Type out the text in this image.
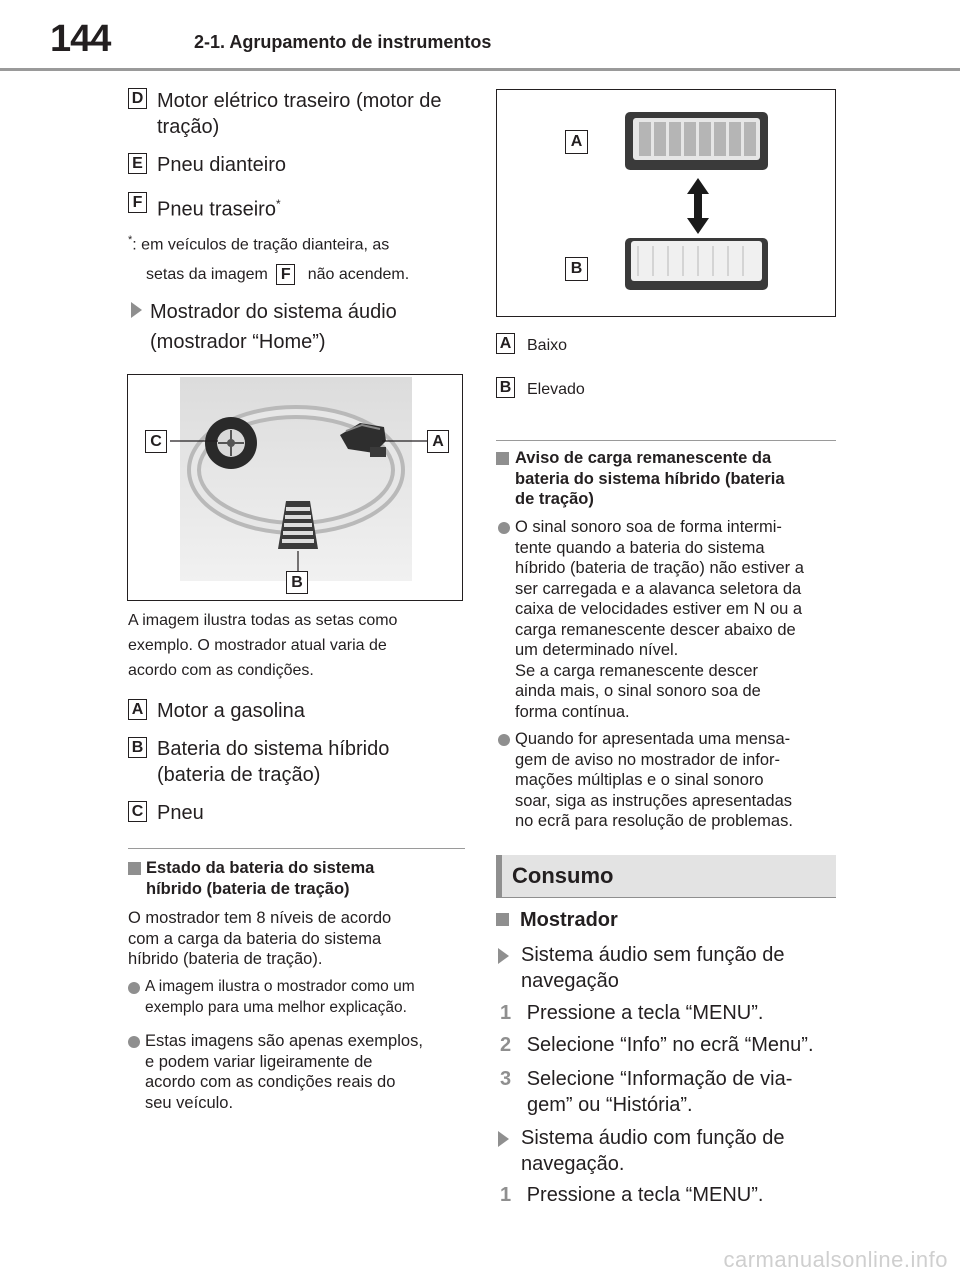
144	2-1. Agrupamento de instrumentos
D Motor elétrico traseiro (motor de
tração)
E Pneu dianteiro
F Pneu traseiro*
*: em veículos de tração dianteira, as
setas da imagem F não acendem.
Mostrador do sistema áudio
(mostrador “Home”)
C	A
B
A imagem ilustra todas as setas como
exemplo. O mostrador atual varia de
acordo com as condições.
A Motor a gasolina
B Bateria do sistema híbrido
(bateria de tração)
C Pneu
Estado da bateria do sistema
híbrido (bateria de tração)
O mostrador tem 8 níveis de acordo
com a carga da bateria do sistema
híbrido (bateria de tração).
A imagem ilustra o mostrador como um
exemplo para uma melhor explicação.
Estas imagens são apenas exemplos,
e podem variar ligeiramente de
acordo com as condições reais do
seu veículo.
A
B
A Baixo
B Elevado
Aviso de carga remanescente da
bateria do sistema híbrido (bateria
de tração)
O sinal sonoro soa de forma intermi-
tente quando a bateria do sistema
híbrido (bateria de tração) não estiver a
ser carregada e a alavanca seletora da
caixa de velocidades estiver em N ou a
carga remanescente descer abaixo de
um determinado nível.
Se a carga remanescente descer
ainda mais, o sinal sonoro soa de
forma contínua.
Quando for apresentada uma mensa-
gem de aviso no mostrador de infor-
mações múltiplas e o sinal sonoro
soar, siga as instruções apresentadas
no ecrã para resolução de problemas.
Consumo
Mostrador
Sistema áudio sem função de
navegação
1 Pressione a tecla “MENU”.
2 Selecione “Info” no ecrã “Menu”.
3 Selecione “Informação de via-
gem” ou “História”.
Sistema áudio com função de
navegação.
1 Pressione a tecla “MENU”.
carmanualsonline.info
